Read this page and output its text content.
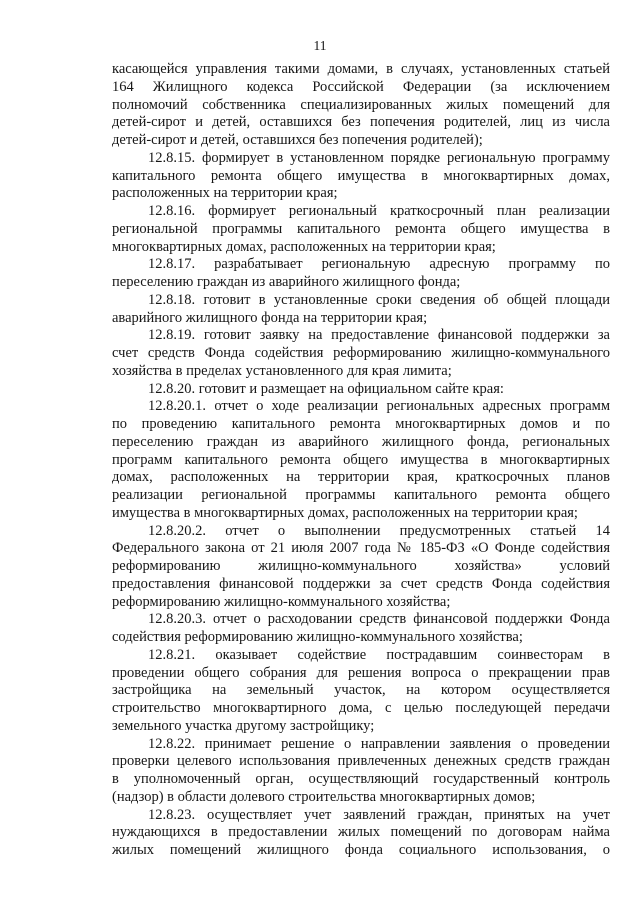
11
касающейся управления такими домами, в случаях, установленных статьей
164 Жилищного кодекса Российской Федерации (за исключением
полномочий собственника специализированных жилых помещений для
детей-сирот и детей, оставшихся без попечения родителей, лиц из числа
детей-сирот и детей, оставшихся без попечения родителей);
12.8.15. формирует в установленном порядке региональную программу
капитального ремонта общего имущества в многоквартирных домах,
расположенных на территории края;
12.8.16. формирует региональный краткосрочный план реализации
региональной программы капитального ремонта общего имущества в
многоквартирных домах, расположенных на территории края;
12.8.17. разрабатывает региональную адресную программу по
переселению граждан из аварийного жилищного фонда;
12.8.18. готовит в установленные сроки сведения об общей площади
аварийного жилищного фонда на территории края;
12.8.19. готовит заявку на предоставление финансовой поддержки за
счет средств Фонда содействия реформированию жилищно-коммунального
хозяйства в пределах установленного для края лимита;
12.8.20. готовит и размещает на официальном сайте края:
12.8.20.1. отчет о ходе реализации региональных адресных программ
по проведению капитального ремонта многоквартирных домов и по
переселению граждан из аварийного жилищного фонда, региональных
программ капитального ремонта общего имущества в многоквартирных
домах, расположенных на территории края, краткосрочных планов
реализации региональной программы капитального ремонта общего
имущества в многоквартирных домах, расположенных на территории края;
12.8.20.2. отчет о выполнении предусмотренных статьей 14
Федерального закона от 21 июля 2007 года № 185-ФЗ «О Фонде содействия
реформированию жилищно-коммунального хозяйства» условий
предоставления финансовой поддержки за счет средств Фонда содействия
реформированию жилищно-коммунального хозяйства;
12.8.20.3. отчет о расходовании средств финансовой поддержки Фонда
содействия реформированию жилищно-коммунального хозяйства;
12.8.21. оказывает содействие пострадавшим соинвесторам в
проведении общего собрания для решения вопроса о прекращении прав
застройщика на земельный участок, на котором осуществляется
строительство многоквартирного дома, с целью последующей передачи
земельного участка другому застройщику;
12.8.22. принимает решение о направлении заявления о проведении
проверки целевого использования привлеченных денежных средств граждан
в уполномоченный орган, осуществляющий государственный контроль
(надзор) в области долевого строительства многоквартирных домов;
12.8.23. осуществляет учет заявлений граждан, принятых на учет
нуждающихся в предоставлении жилых помещений по договорам найма
жилых помещений жилищного фонда социального использования, о
